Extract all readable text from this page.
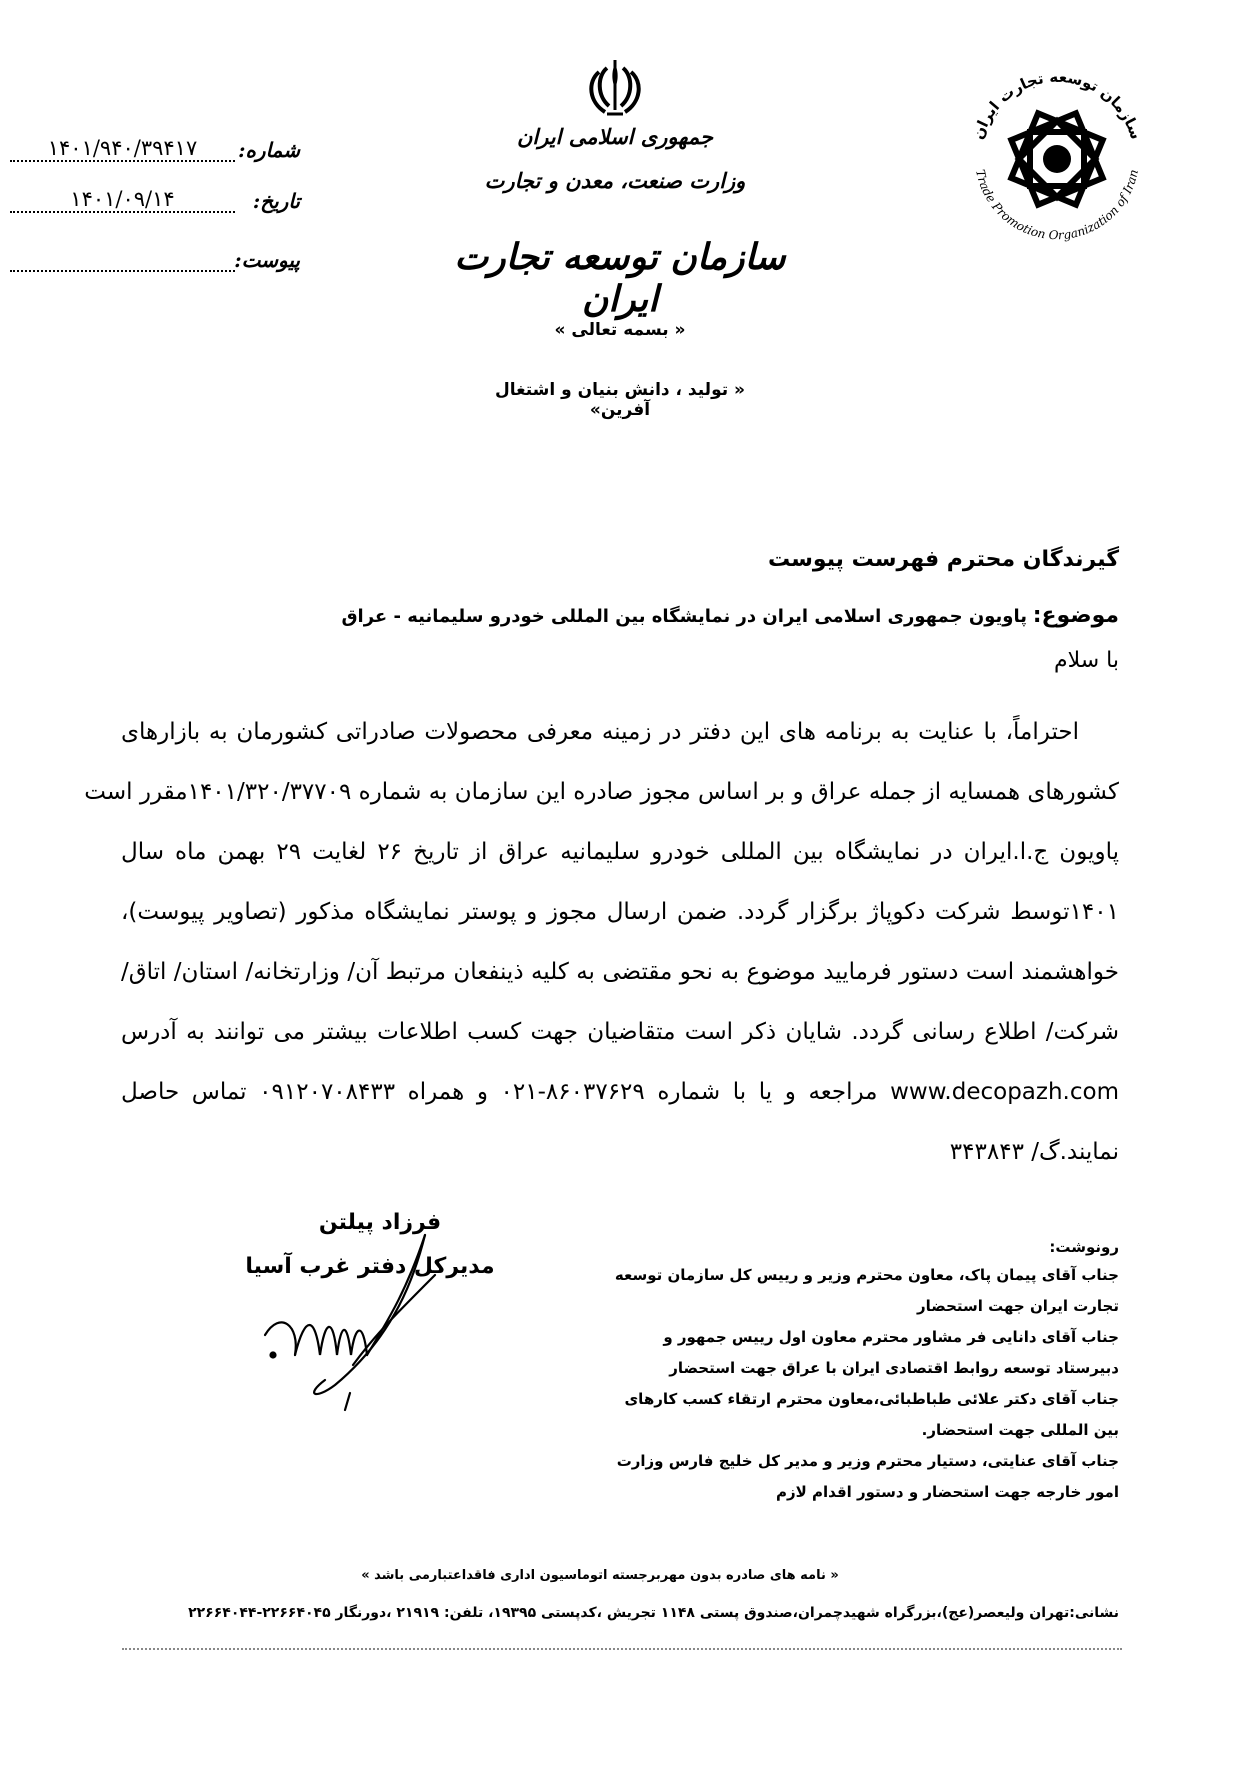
شماره:
۱۴۰۱/۹۴۰/۳۹۴۱۷
تاریخ:
۱۴۰۱/۰۹/۱۴
پیوست:
جمهوری اسلامی ایران
وزارت صنعت، معدن و تجارت
سازمان توسعه تجارت ایران
« بسمه تعالی »
« تولید ، دانش بنیان و اشتغال آفرین»
سازمان توسعه تجارت ایران
Trade Promotion Organization of Iran
گیرندگان محترم فهرست پیوست
موضوع: پاویون جمهوری اسلامی ایران در نمایشگاه بین المللی خودرو سلیمانیه - عراق
با سلام
احتراماً، با عنایت به برنامه های این دفتر در زمینه معرفی محصولات صادراتی کشورمان به بازارهای
کشورهای همسایه از جمله عراق و بر اساس مجوز صادره این سازمان به شماره ۱۴۰۱/۳۲۰/۳۷۷۰۹مقرر است
پاویون ج.ا.ایران در نمایشگاه بین المللی خودرو سلیمانیه عراق از تاریخ ۲۶ لغایت ۲۹ بهمن ماه سال
۱۴۰۱توسط شرکت دکوپاژ برگزار گردد. ضمن ارسال مجوز و پوستر نمایشگاه مذکور (تصاویر پیوست)،
خواهشمند است دستور فرمایید موضوع به نحو مقتضی به کلیه ذینفعان مرتبط آن/ وزارتخانه/ استان/ اتاق/
شرکت/ اطلاع رسانی گردد. شایان ذکر است متقاضیان جهت کسب اطلاعات بیشتر می توانند به آدرس
www.decopazh.com مراجعه و یا با شماره ۸۶۰۳۷۶۲۹-۰۲۱ و همراه ۰۹۱۲۰۷۰۸۴۳۳ تماس حاصل
نمایند.گ/ ۳۴۳۸۴۳
فرزاد پیلتن
مدیرکل دفتر غرب آسیا
رونوشت:
جناب آقای پیمان پاک، معاون محترم وزیر و رییس کل سازمان توسعه تجارت ایران جهت استحضار
جناب آقای دانایی فر مشاور محترم معاون اول رییس جمهور و دبیرستاد توسعه روابط اقتصادی ایران با عراق جهت استحضار
جناب آقای دکتر علائی طباطبائی،معاون محترم ارتقاء کسب کارهای بین المللی جهت استحضار.
جناب آقای عنایتی، دستیار محترم وزیر و مدیر کل خلیج فارس وزارت امور خارجه جهت استحضار و دستور اقدام لازم
« نامه های صادره بدون مهربرجسته اتوماسیون اداری فاقداعتبارمی باشد »
نشانی:تهران ولیعصر(عج)،بزرگراه شهیدچمران،صندوق پستی ۱۱۴۸ تجریش ،کدپستی ۱۹۳۹۵، تلفن: ۲۱۹۱۹ ،دورنگار ۲۲۶۶۴۰۴۵-۲۲۶۶۴۰۴۴
